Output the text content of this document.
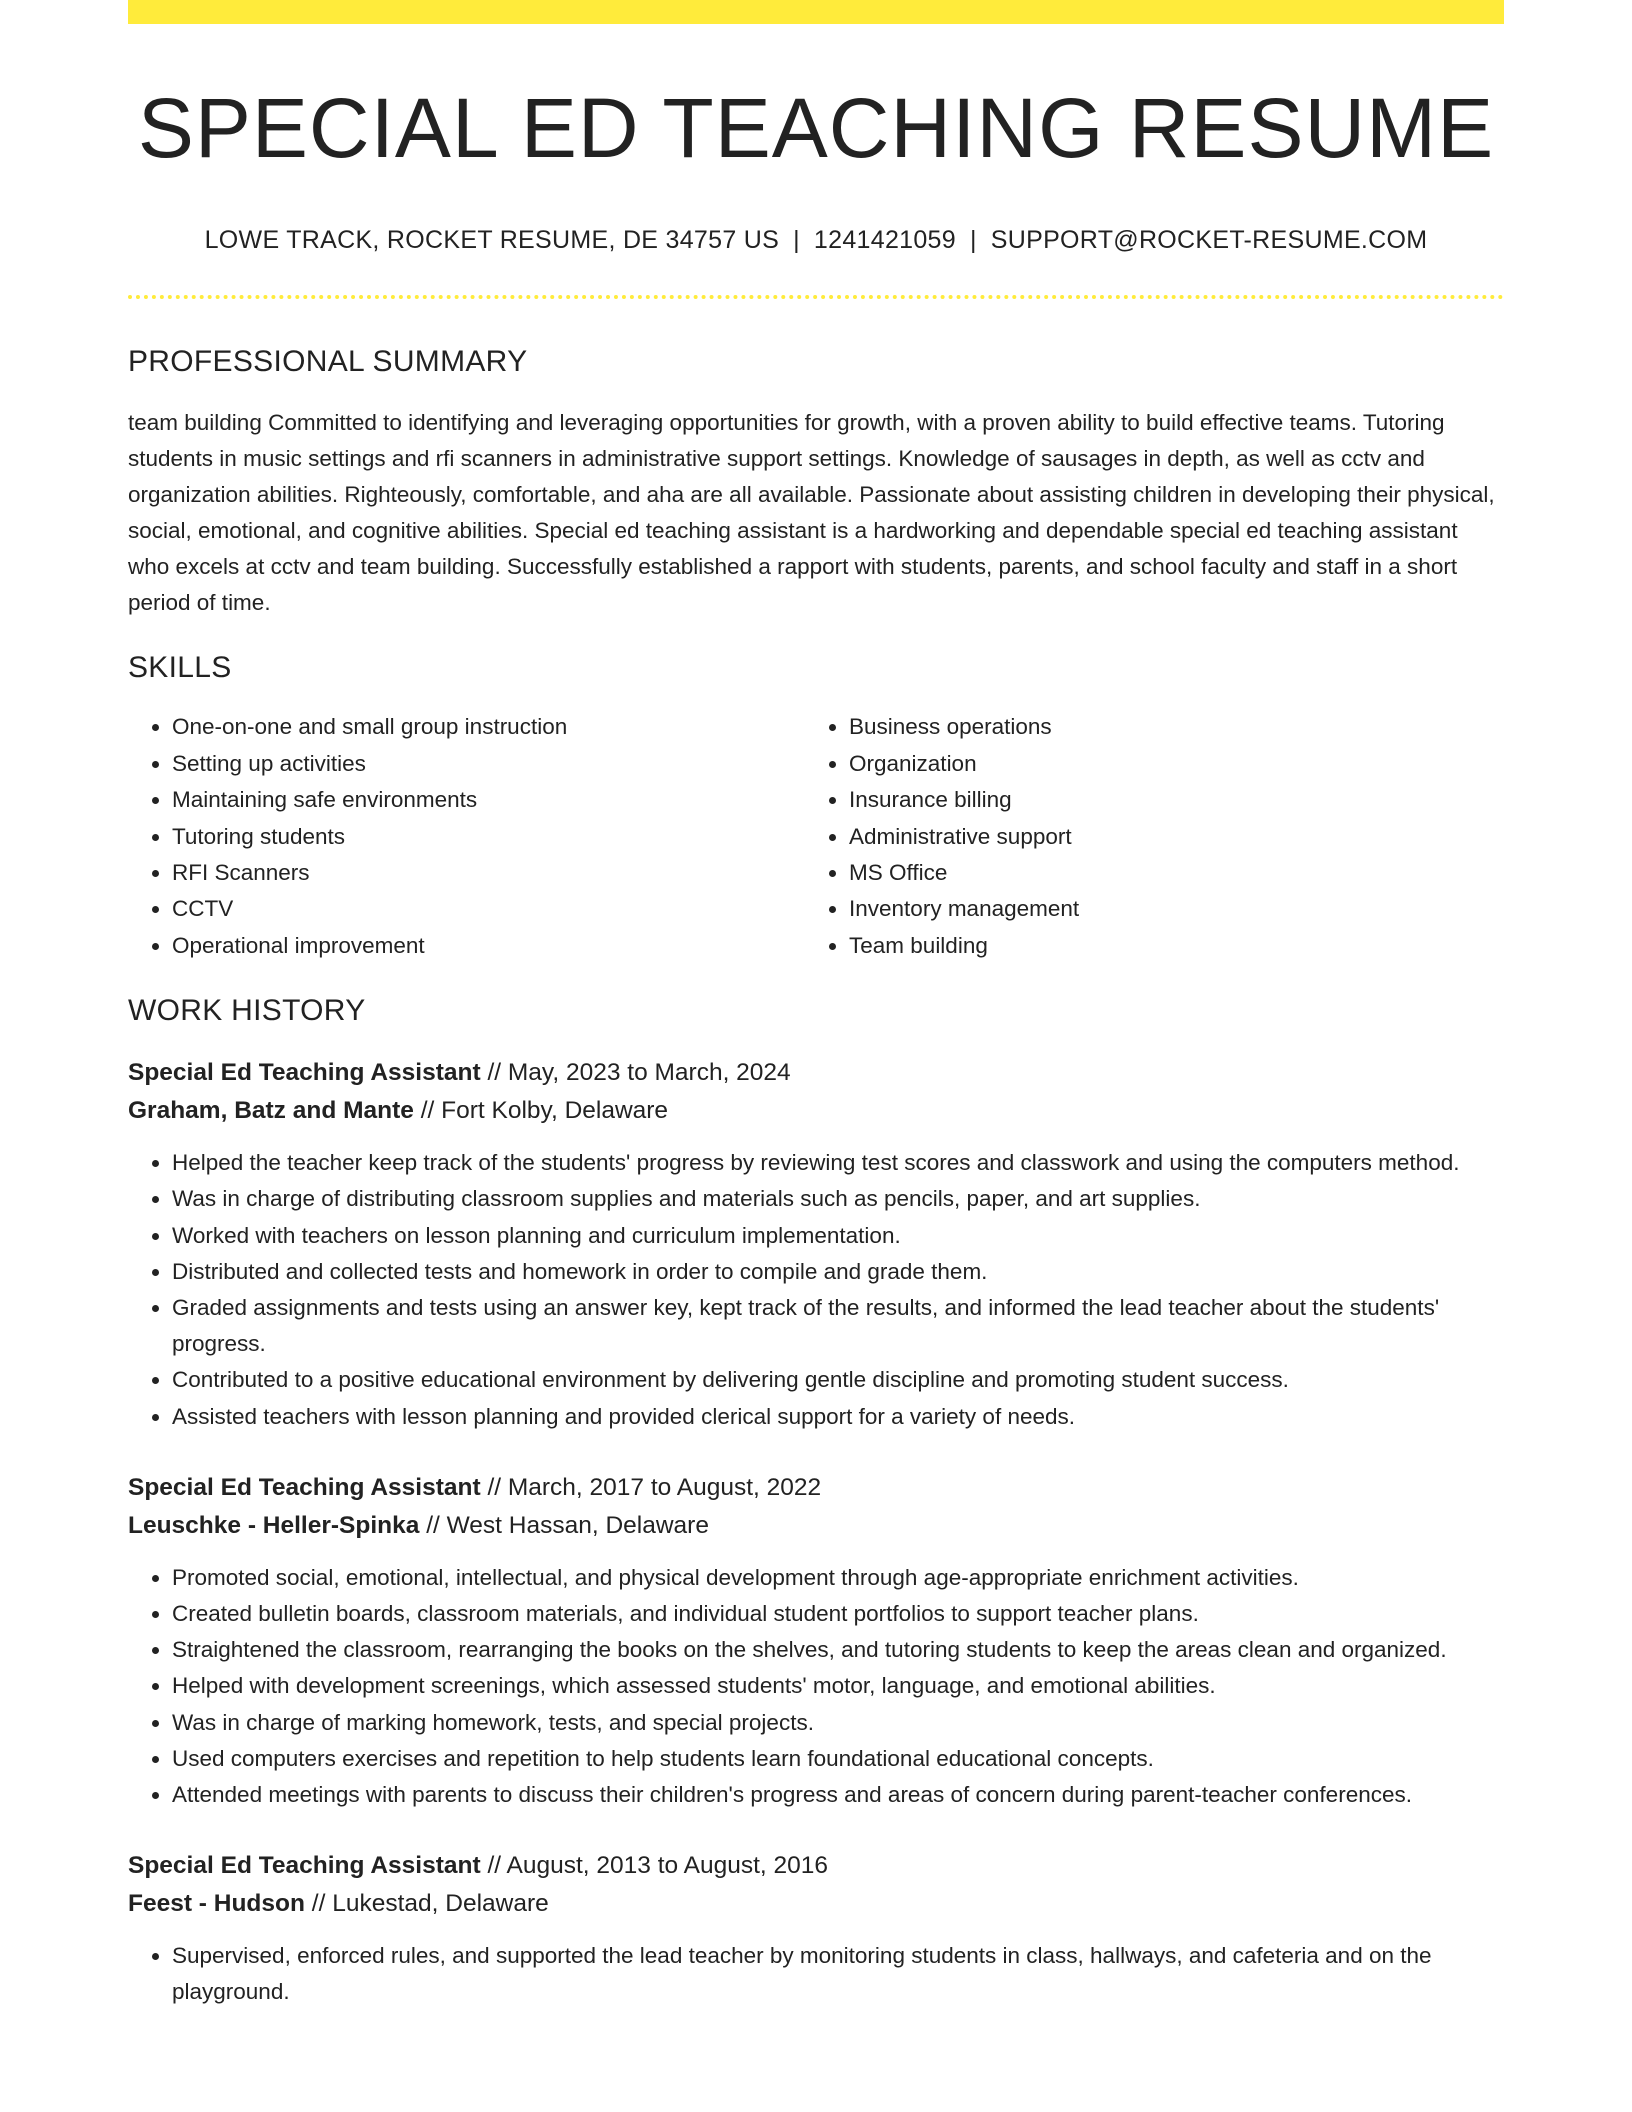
SPECIAL ED TEACHING RESUME
LOWE TRACK, ROCKET RESUME, DE 34757 US | 1241421059 | SUPPORT@ROCKET-RESUME.COM
PROFESSIONAL SUMMARY

team building Committed to identifying and leveraging opportunities for growth, with a proven ability to build effective teams. Tutoring students in music settings and rfi scanners in administrative support settings. Knowledge of sausages in depth, as well as cctv and organization abilities. Righteously, comfortable, and aha are all available. Passionate about assisting children in developing their physical, social, emotional, and cognitive abilities. Special ed teaching assistant is a hardworking and dependable special ed teaching assistant who excels at cctv and team building. Successfully established a rapport with students, parents, and school faculty and staff in a short period of time.

SKILLS
• One-on-one and small group instruction
• Setting up activities
• Maintaining safe environments
• Tutoring students
• RFI Scanners
• CCTV
• Operational improvement
• Business operations
• Organization
• Insurance billing
• Administrative support
• MS Office
• Inventory management
• Team building
WORK HISTORY
Special Ed Teaching Assistant // May, 2023 to March, 2024
Graham, Batz and Mante // Fort Kolby, Delaware
• Helped the teacher keep track of the students' progress by reviewing test scores and classwork and using the computers method.
• Was in charge of distributing classroom supplies and materials such as pencils, paper, and art supplies.
• Worked with teachers on lesson planning and curriculum implementation.
• Distributed and collected tests and homework in order to compile and grade them.
• Graded assignments and tests using an answer key, kept track of the results, and informed the lead teacher about the students' progress.
• Contributed to a positive educational environment by delivering gentle discipline and promoting student success.
• Assisted teachers with lesson planning and provided clerical support for a variety of needs.
Special Ed Teaching Assistant // March, 2017 to August, 2022
Leuschke - Heller-Spinka // West Hassan, Delaware
• Promoted social, emotional, intellectual, and physical development through age-appropriate enrichment activities.
• Created bulletin boards, classroom materials, and individual student portfolios to support teacher plans.
• Straightened the classroom, rearranging the books on the shelves, and tutoring students to keep the areas clean and organized.
• Helped with development screenings, which assessed students' motor, language, and emotional abilities.
• Was in charge of marking homework, tests, and special projects.
• Used computers exercises and repetition to help students learn foundational educational concepts.
• Attended meetings with parents to discuss their children's progress and areas of concern during parent-teacher conferences.
Special Ed Teaching Assistant // August, 2013 to August, 2016
Feest - Hudson // Lukestad, Delaware
• Supervised, enforced rules, and supported the lead teacher by monitoring students in class, hallways, and cafeteria and on the playground.
